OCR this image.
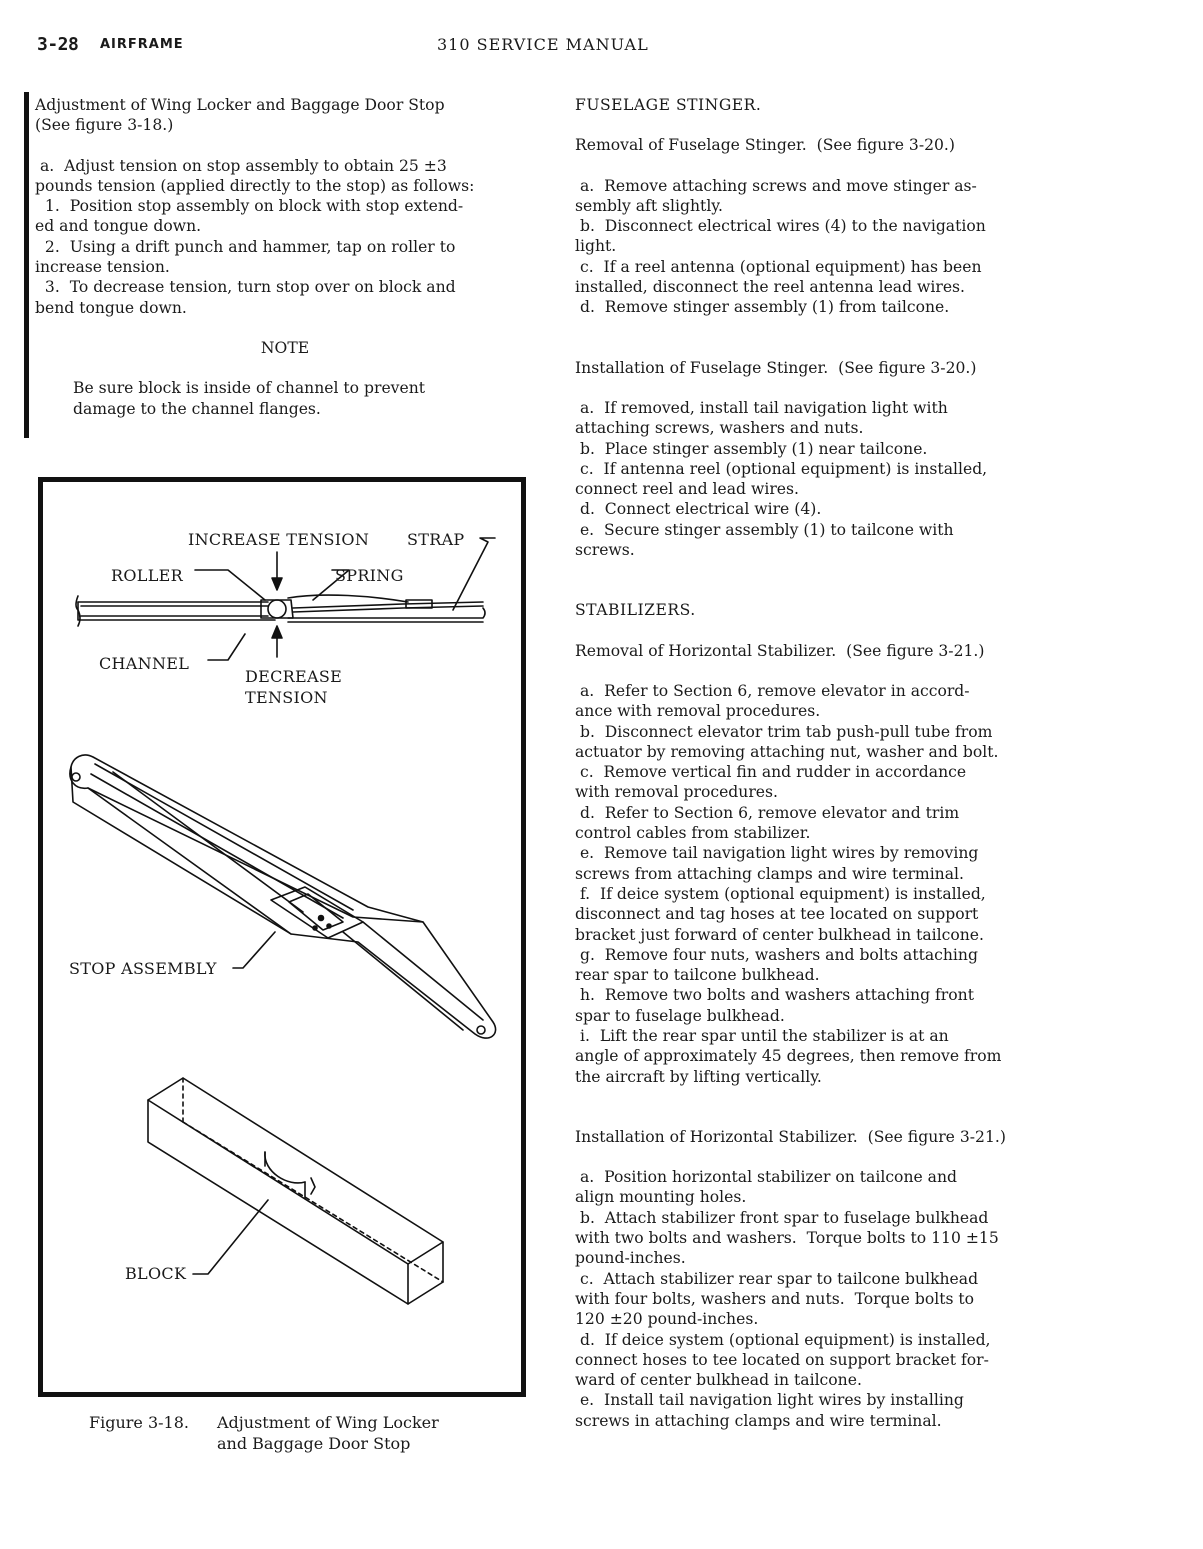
3-28 AIRFRAME	310 SERVICE MANUAL

Adjustment of Wing Locker and Baggage Door Stop

(See figure 3-18.)

a.  Adjust tension on stop assembly to obtain 25 ±3

pounds tension (applied directly to the stop) as follows:

1.  Position stop assembly on block with stop extend-

ed and tongue down.

2.  Using a drift punch and hammer, tap on roller to

increase tension.

3.  To decrease tension, turn stop over on block and

bend tongue down.

NOTE

Be sure block is inside of channel to prevent

damage to the channel flanges.

INCREASE TENSION STRAP
ROLLER	SPRING
CHANNEL
DECREASE
TENSION
STOP ASSEMBLY
BLOCK
Figure 3-18. Adjustment of Wing Locker
and Baggage Door Stop

FUSELAGE STINGER.

Removal of Fuselage Stinger.  (See figure 3-20.)

a.  Remove attaching screws and move stinger as-

sembly aft slightly.

b.  Disconnect electrical wires (4) to the navigation

light.

c.  If a reel antenna (optional equipment) has been

installed, disconnect the reel antenna lead wires.

d.  Remove stinger assembly (1) from tailcone.

Installation of Fuselage Stinger.  (See figure 3-20.)

a.  If removed, install tail navigation light with

attaching screws, washers and nuts.

b.  Place stinger assembly (1) near tailcone.

c.  If antenna reel (optional equipment) is installed,

connect reel and lead wires.

d.  Connect electrical wire (4).

e.  Secure stinger assembly (1) to tailcone with

screws.

STABILIZERS.

Removal of Horizontal Stabilizer.  (See figure 3-21.)

a.  Refer to Section 6, remove elevator in accord-

ance with removal procedures.

b.  Disconnect elevator trim tab push-pull tube from

actuator by removing attaching nut, washer and bolt.

c.  Remove vertical fin and rudder in accordance

with removal procedures.

d.  Refer to Section 6, remove elevator and trim

control cables from stabilizer.

e.  Remove tail navigation light wires by removing

screws from attaching clamps and wire terminal.

f.  If deice system (optional equipment) is installed,

disconnect and tag hoses at tee located on support

bracket just forward of center bulkhead in tailcone.

g.  Remove four nuts, washers and bolts attaching

rear spar to tailcone bulkhead.

h.  Remove two bolts and washers attaching front

spar to fuselage bulkhead.

i.  Lift the rear spar until the stabilizer is at an

angle of approximately 45 degrees, then remove from

the aircraft by lifting vertically.

Installation of Horizontal Stabilizer.  (See figure 3-21.)

a.  Position horizontal stabilizer on tailcone and

align mounting holes.

b.  Attach stabilizer front spar to fuselage bulkhead

with two bolts and washers.  Torque bolts to 110 ±15

pound-inches.

c.  Attach stabilizer rear spar to tailcone bulkhead

with four bolts, washers and nuts.  Torque bolts to

120 ±20 pound-inches.

d.  If deice system (optional equipment) is installed,

connect hoses to tee located on support bracket for-

ward of center bulkhead in tailcone.

e.  Install tail navigation light wires by installing

screws in attaching clamps and wire terminal.
